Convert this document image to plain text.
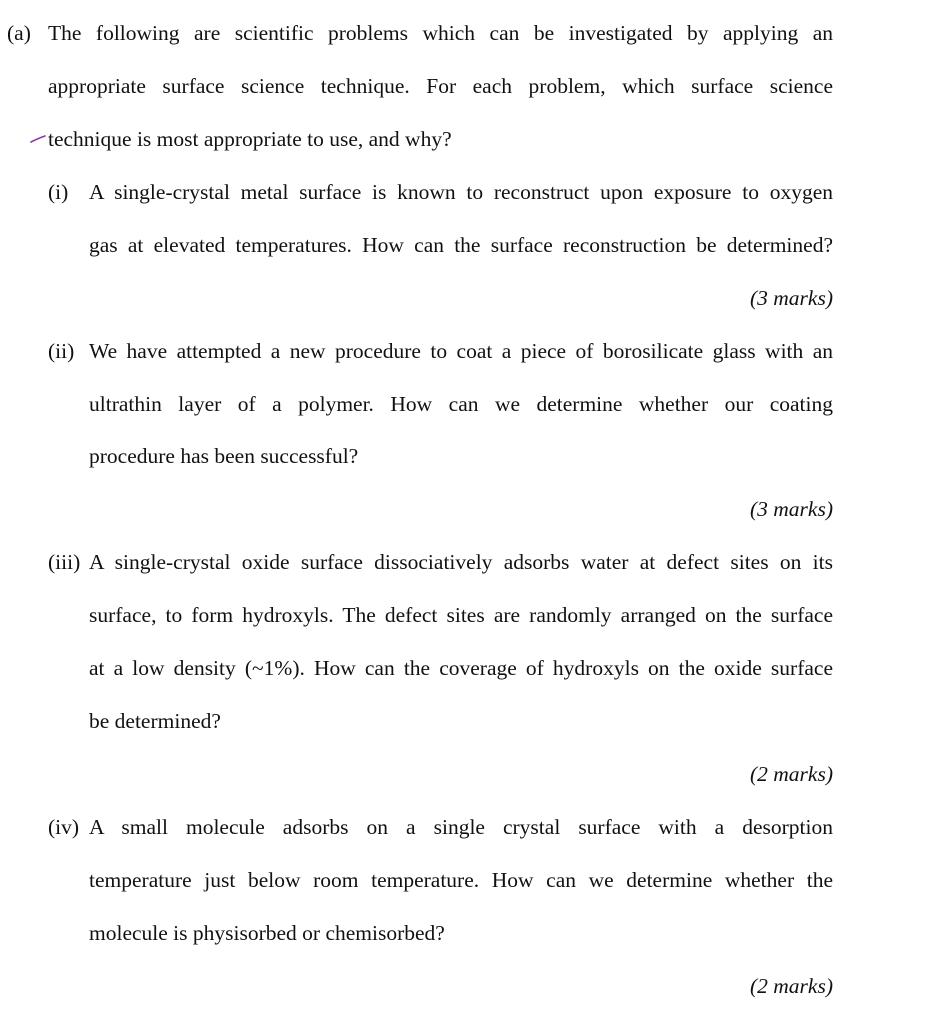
(a) The following are scientific problems which can be investigated by applying an
appropriate surface science technique. For each problem, which surface science
technique is most appropriate to use, and why?
(i) A single-crystal metal surface is known to reconstruct upon exposure to oxygen
gas at elevated temperatures. How can the surface reconstruction be determined?
(3 marks)
(ii) We have attempted a new procedure to coat a piece of borosilicate glass with an
ultrathin layer of a polymer. How can we determine whether our coating
procedure has been successful?
(3 marks)
(iii) A single-crystal oxide surface dissociatively adsorbs water at defect sites on its
surface, to form hydroxyls. The defect sites are randomly arranged on the surface
at a low density (~1%). How can the coverage of hydroxyls on the oxide surface
be determined?
(2 marks)
(iv) A small molecule adsorbs on a single crystal surface with a desorption
temperature just below room temperature. How can we determine whether the
molecule is physisorbed or chemisorbed?
(2 marks)
